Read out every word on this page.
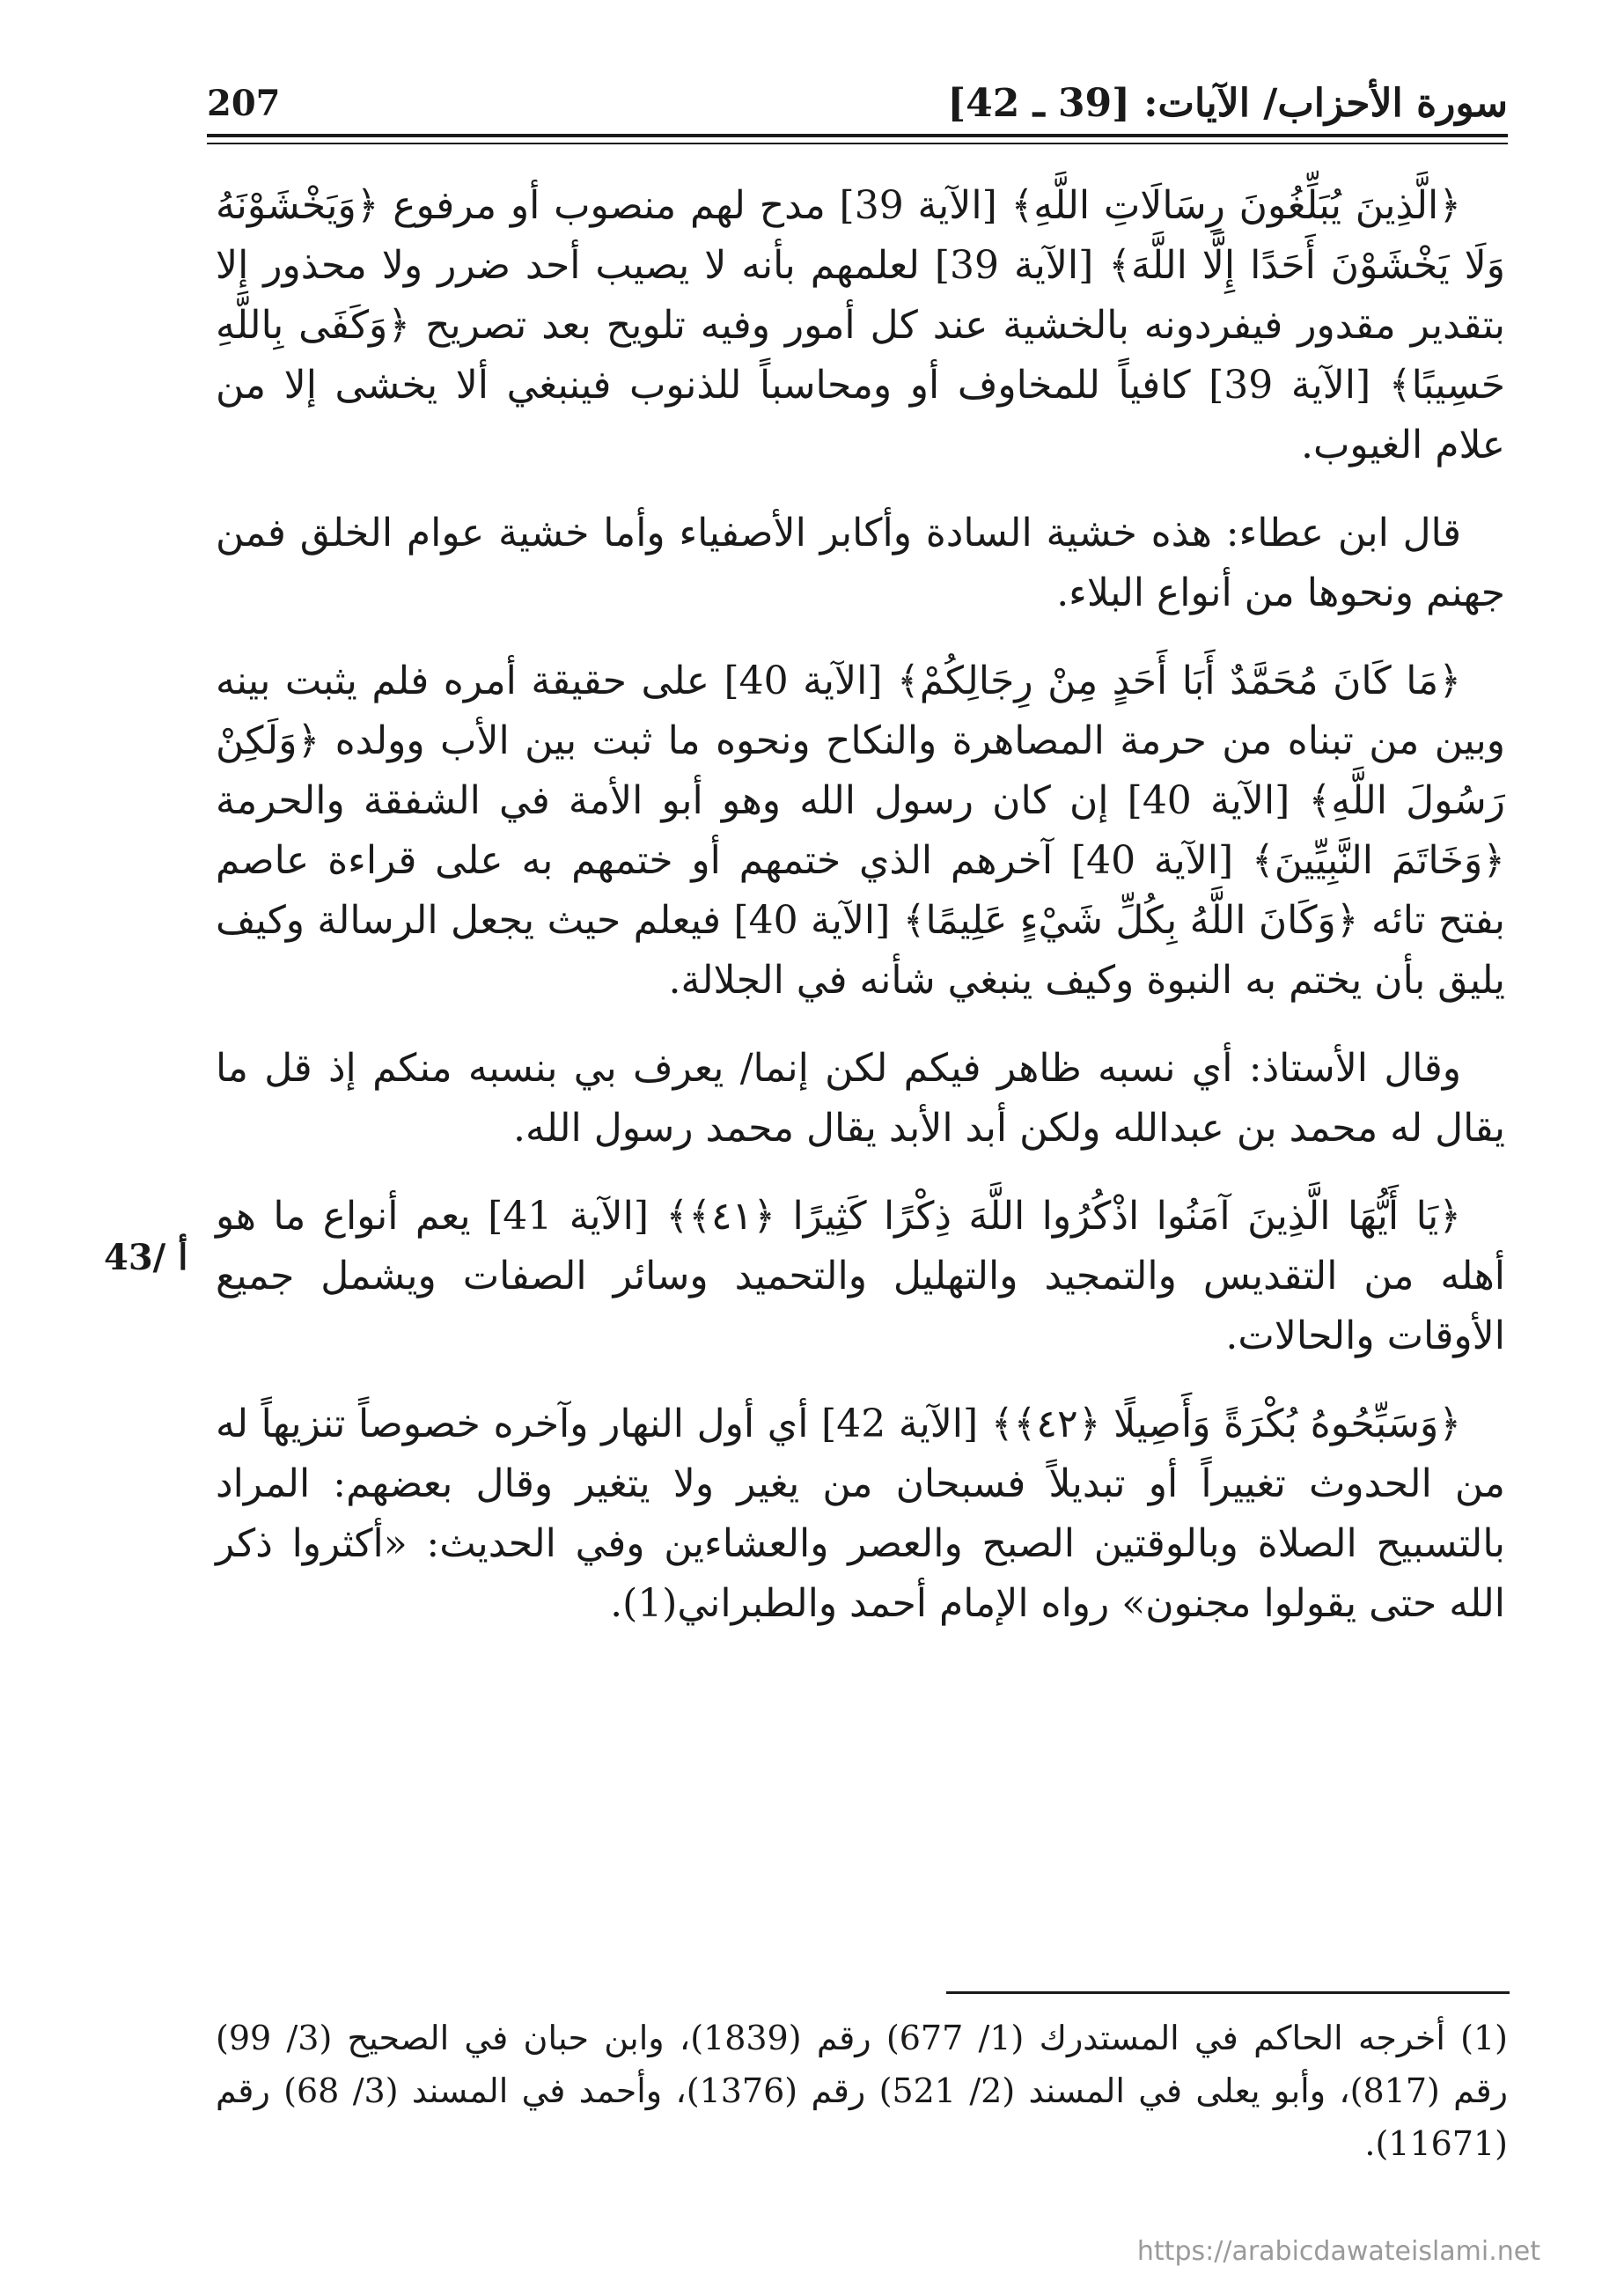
سورة الأحزاب/ الآيات: [39 ـ 42]
207
43/ أ

﴿الَّذِينَ يُبَلِّغُونَ رِسَالَاتِ اللَّهِ﴾ [الآية 39] مدح لهم منصوب أو مرفوع ﴿وَيَخْشَوْنَهُ وَلَا يَخْشَوْنَ أَحَدًا إِلَّا اللَّهَ﴾ [الآية 39] لعلمهم بأنه لا يصيب أحد ضرر ولا محذور إلا بتقدير مقدور فيفردونه بالخشية عند كل أمور وفيه تلويح بعد تصريح ﴿وَكَفَى بِاللَّهِ حَسِيبًا﴾ [الآية 39] كافياً للمخاوف أو ومحاسباً للذنوب فينبغي ألا يخشى إلا من علام الغيوب.

قال ابن عطاء: هذه خشية السادة وأكابر الأصفياء وأما خشية عوام الخلق فمن جهنم ونحوها من أنواع البلاء.

﴿مَا كَانَ مُحَمَّدٌ أَبَا أَحَدٍ مِنْ رِجَالِكُمْ﴾ [الآية 40] على حقيقة أمره فلم يثبت بينه وبين من تبناه من حرمة المصاهرة والنكاح ونحوه ما ثبت بين الأب وولده ﴿وَلَكِنْ رَسُولَ اللَّهِ﴾ [الآية 40] إن كان رسول الله وهو أبو الأمة في الشفقة والحرمة ﴿وَخَاتَمَ النَّبِيِّينَ﴾ [الآية 40] آخرهم الذي ختمهم أو ختمهم به على قراءة عاصم بفتح تائه ﴿وَكَانَ اللَّهُ بِكُلِّ شَيْءٍ عَلِيمًا﴾ [الآية 40] فيعلم حيث يجعل الرسالة وكيف يليق بأن يختم به النبوة وكيف ينبغي شأنه في الجلالة.

وقال الأستاذ: أي نسبه ظاهر فيكم لكن إنما/ يعرف بي بنسبه منكم إذ قل ما يقال له محمد بن عبدالله ولكن أبد الأبد يقال محمد رسول الله.

﴿يَا أَيُّهَا الَّذِينَ آمَنُوا اذْكُرُوا اللَّهَ ذِكْرًا كَثِيرًا ﴿٤١﴾﴾ [الآية 41] يعم أنواع ما هو أهله من التقديس والتمجيد والتهليل والتحميد وسائر الصفات ويشمل جميع الأوقات والحالات.

﴿وَسَبِّحُوهُ بُكْرَةً وَأَصِيلًا ﴿٤٢﴾﴾ [الآية 42] أي أول النهار وآخره خصوصاً تنزيهاً له من الحدوث تغييراً أو تبديلاً فسبحان من يغير ولا يتغير وقال بعضهم: المراد بالتسبيح الصلاة وبالوقتين الصبح والعصر والعشاءين وفي الحديث: «أكثروا ذكر الله حتى يقولوا مجنون» رواه الإمام أحمد والطبراني(1).

(1) أخرجه الحاكم في المستدرك (1/ 677) رقم (1839)، وابن حبان في الصحيح (3/ 99) رقم (817)، وأبو يعلى في المسند (2/ 521) رقم (1376)، وأحمد في المسند (3/ 68) رقم (11671).
https://arabicdawateislami.net
